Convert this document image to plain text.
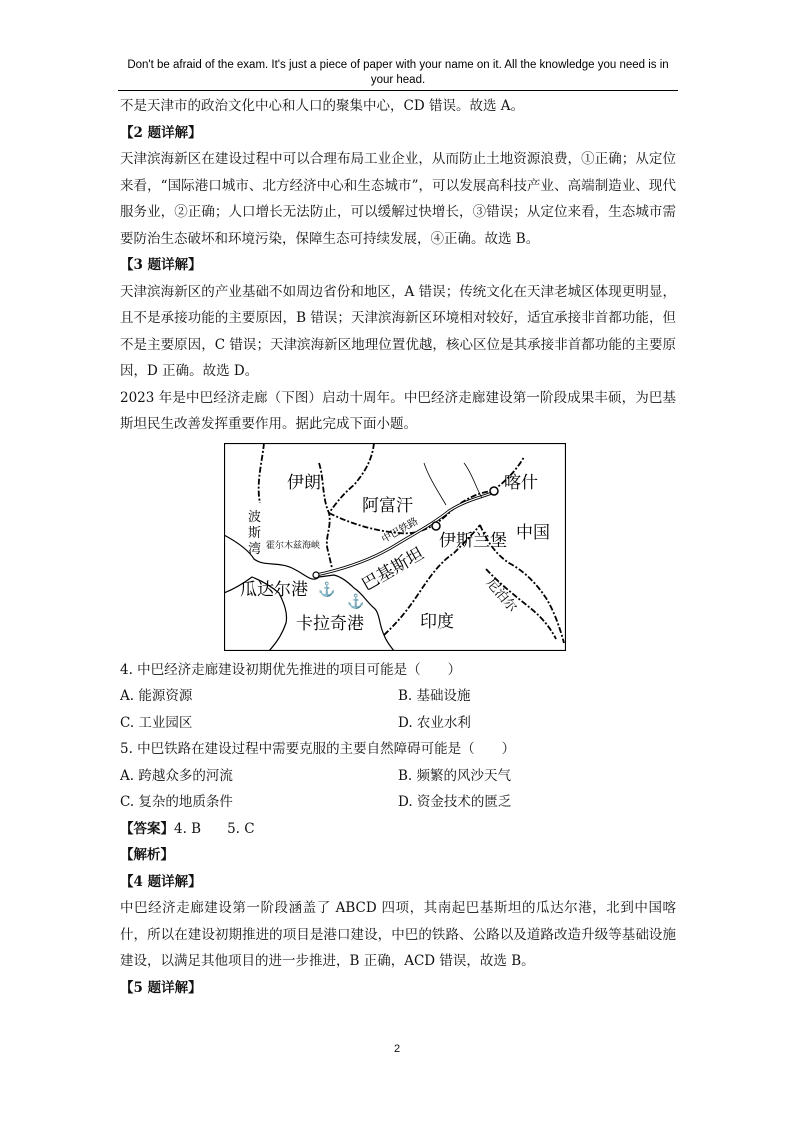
Don't be afraid of the exam. It's just a piece of paper with your name on it. All the knowledge you need is in your head.

不是天津市的政治文化中心和人口的聚集中心，CD 错误。故选 A。

【2 题详解】

天津滨海新区在建设过程中可以合理布局工业企业，从而防止土地资源浪费，①正确；从定位来看，“国际港口城市、北方经济中心和生态城市”，可以发展高科技产业、高端制造业、现代服务业，②正确；人口增长无法防止，可以缓解过快增长，③错误；从定位来看，生态城市需要防治生态破坏和环境污染，保障生态可持续发展，④正确。故选 B。

【3 题详解】

天津滨海新区的产业基础不如周边省份和地区，A 错误；传统文化在天津老城区体现更明显，且不是承接功能的主要原因，B 错误；天津滨海新区环境相对较好，适宜承接非首都功能，但不是主要原因，C 错误；天津滨海新区地理位置优越，核心区位是其承接非首都功能的主要原因，D 正确。故选 D。

2023 年是中巴经济走廊（下图）启动十周年。中巴经济走廊建设第一阶段成果丰硕，为巴基斯坦民生改善发挥重要作用。据此完成下面小题。

⚓
⚓
伊朗
阿富汗
喀什
中国
波
斯
湾 霍尔木兹海峡
中巴铁路 伊斯兰堡
巴基斯坦
瓜达尔港
卡拉奇港	印度
尼泊尔

4. 中巴经济走廊建设初期优先推进的项目可能是（　　）

A. 能源资源	B. 基础设施
C. 工业园区	D. 农业水利

5. 中巴铁路在建设过程中需要克服的主要自然障碍可能是（　　）

A. 跨越众多的河流	B. 频繁的风沙天气
C. 复杂的地质条件	D. 资金技术的匮乏

【答案】4. B 5. C

【解析】

【4 题详解】

中巴经济走廊建设第一阶段涵盖了 ABCD 四项，其南起巴基斯坦的瓜达尔港，北到中国喀什，所以在建设初期推进的项目是港口建设，中巴的铁路、公路以及道路改造升级等基础设施建设，以满足其他项目的进一步推进，B 正确，ACD 错误，故选 B。

【5 题详解】

2
